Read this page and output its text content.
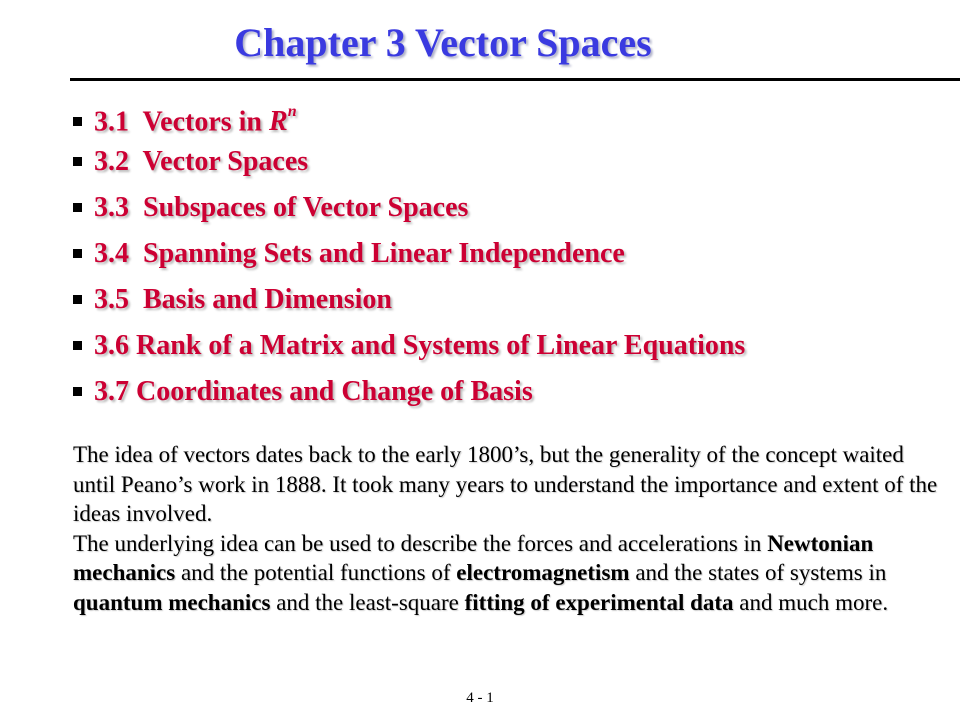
Chapter 3 Vector Spaces
3.1 Vectors in $R^n$
3.2 Vector Spaces
3.3 Subspaces of Vector Spaces
3.4 Spanning Sets and Linear Independence
3.5 Basis and Dimension
3.6 Rank of a Matrix and Systems of Linear Equations
3.7 Coordinates and Change of Basis

The idea of vectors dates back to the early 1800’s, but the generality of the concept waited until Peano’s work in 1888. It took many years to understand the importance and extent of the ideas involved.

The underlying idea can be used to describe the forces and accelerations in Newtonian mechanics and the potential functions of electromagnetism and the states of systems in quantum mechanics and the least-square fitting of experimental data and much more.

4 - 1
